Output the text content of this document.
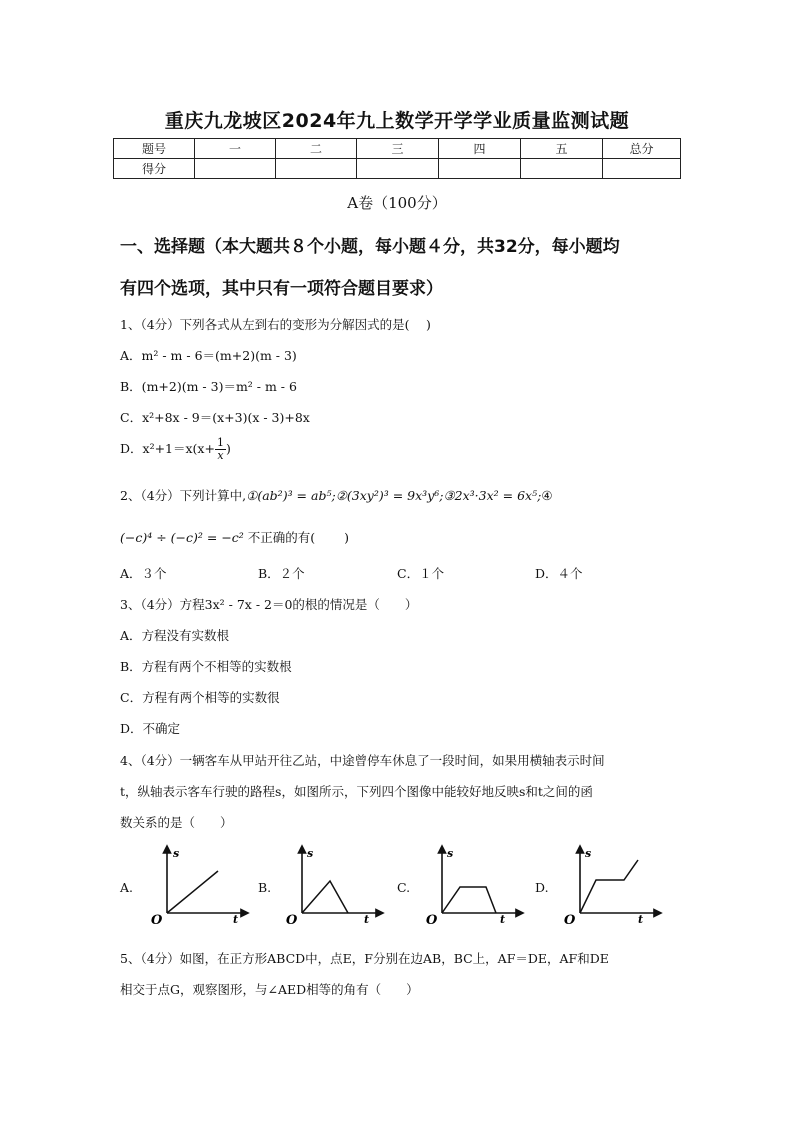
重庆九龙坡区2024年九上数学开学学业质量监测试题
题号	一	二	三	四	五	总分
得分						
A卷（100分）
一、选择题（本大题共８个小题，每小题４分，共32分，每小题均
有四个选项，其中只有一项符合题目要求）
1、（4分）下列各式从左到右的变形为分解因式的是(　 )
A．m² - m - 6＝(m+2)(m - 3)
B．(m+2)(m - 3)＝m² - m - 6
C．x²+8x - 9＝(x+3)(x - 3)+8x
D．$x^2+1=x(x+ \frac{1}{x}$ )
2、（4分）下列计算中,①(ab²)³ = ab⁵;②(3xy²)³ = 9x³y⁶;③2x³·3x² = 6x⁵;④
(−c)⁴ ÷ (−c)² = −c² 不正确的有(　　 )
A．３个	B．２个	C．１个	D．４个
3、（4分）方程3x² - 7x - 2＝0的根的情况是（　　）
A．方程没有实数根
B．方程有两个不相等的实数根
C．方程有两个相等的实数很
D．不确定
4、（4分）一辆客车从甲站开往乙站，中途曾停车休息了一段时间，如果用横轴表示时间
t，纵轴表示客车行驶的路程s，如图所示，下列四个图像中能较好地反映s和t之间的函
数关系的是（　　）
A.
s
t
O
B.
s
t
O
C.
s
t
O
D.
s
t
O
5、（4分）如图，在正方形ABCD中，点E，F分别在边AB，BC上，AF＝DE，AF和DE
相交于点G，观察图形，与∠AED相等的角有（　　）
